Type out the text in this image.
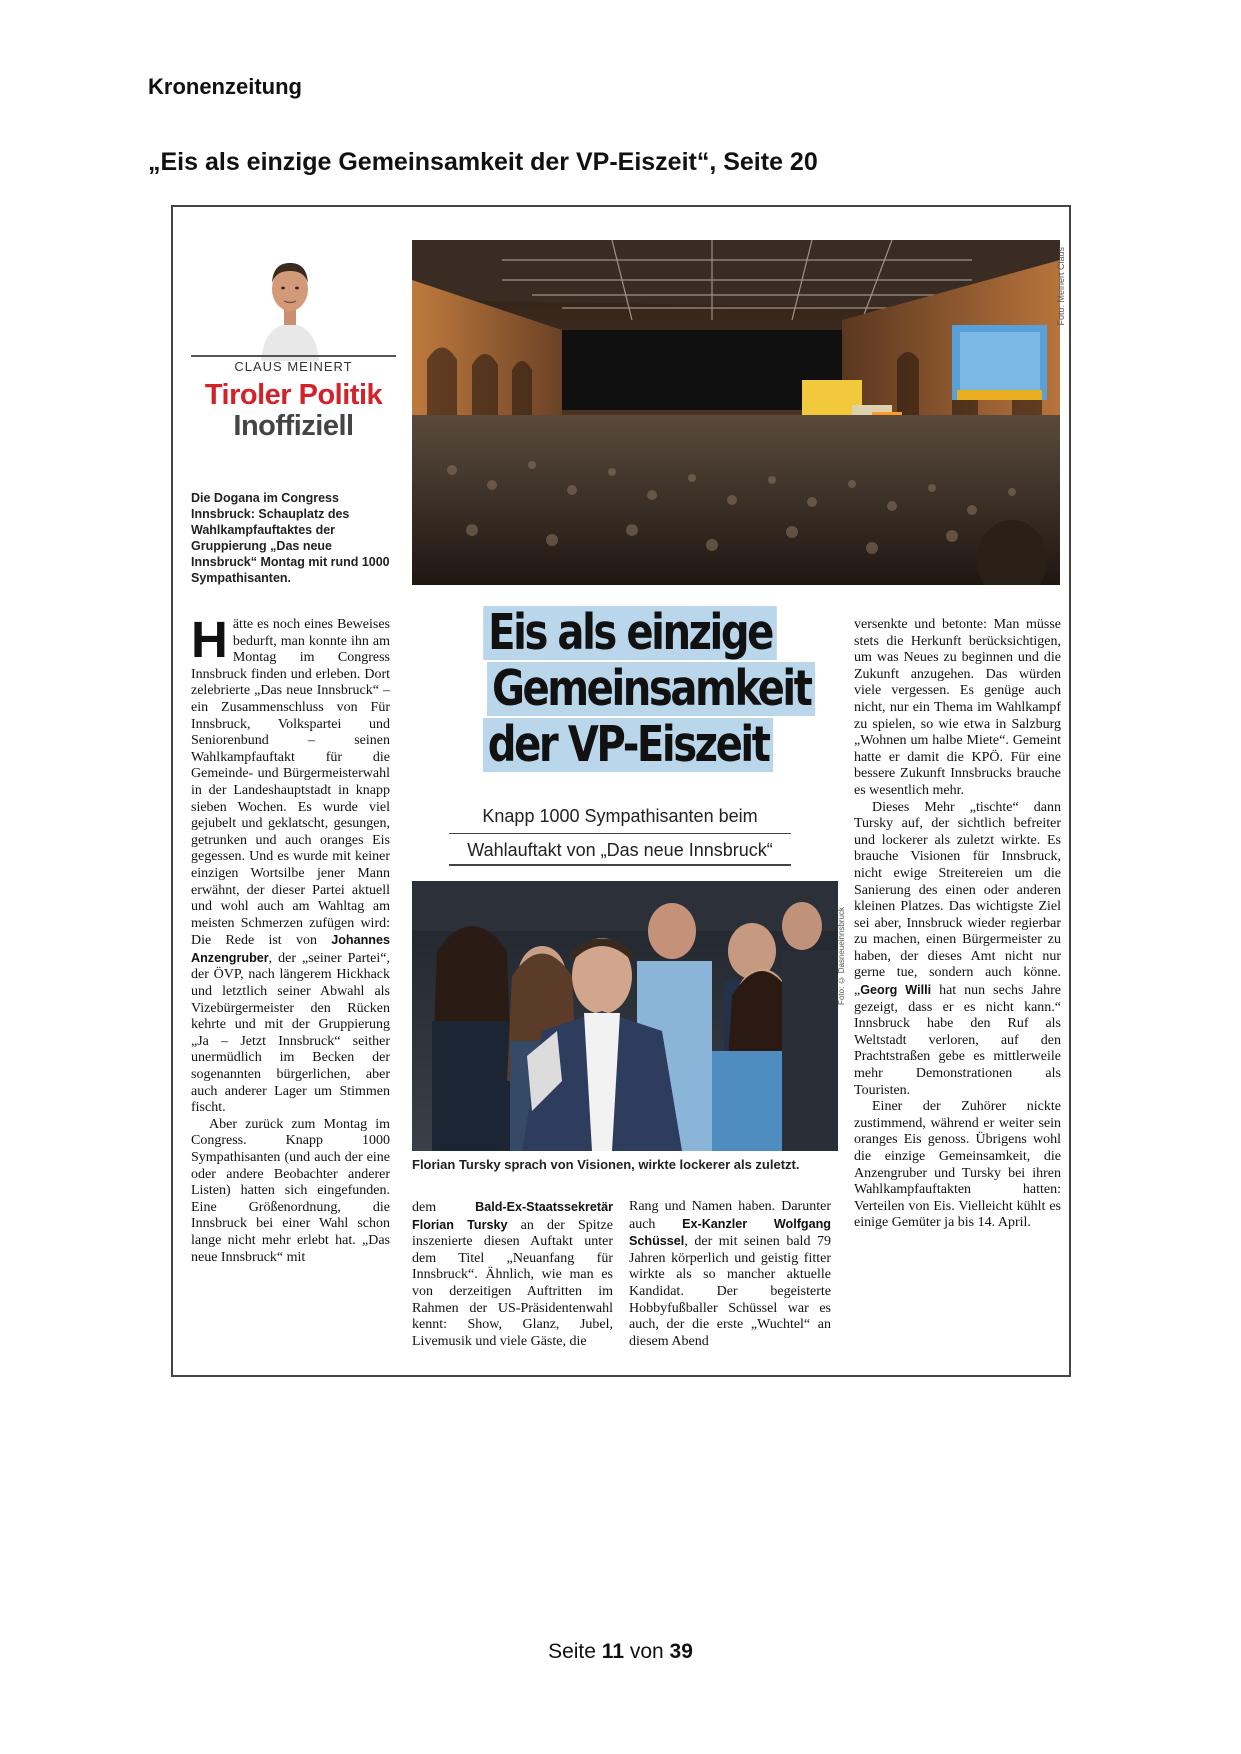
Kronenzeitung
„Eis als einzige Gemeinsamkeit der VP-Eiszeit“, Seite 20
CLAUS MEINERT
Tiroler Politik
Inoffiziell
Die Dogana im Congress Innsbruck: Schauplatz des Wahlkampfauftaktes der Gruppierung „Das neue Innsbruck“ Montag mit rund 1000 Sympathisanten.
Foto: Meinert Claus
Eis als einzige
Gemeinsamkeit
der VP-Eiszeit
Knapp 1000 Sympathisanten beim
Wahlauftakt von „Das neue Innsbruck“
Foto: © Dasneueinnsbruck
Florian Tursky sprach von Visionen, wirkte lockerer als zuletzt.

Hätte es noch eines Beweises bedurft, man konnte ihn am Montag im Congress Innsbruck finden und erleben. Dort zelebrierte „Das neue Innsbruck“ – ein Zusammenschluss von Für Innsbruck, Volkspartei und Seniorenbund – seinen Wahlkampfauftakt für die Gemeinde- und Bürgermeisterwahl in der Landeshauptstadt in knapp sieben Wochen. Es wurde viel gejubelt und geklatscht, gesungen, getrunken und auch oranges Eis gegessen. Und es wurde mit keiner einzigen Wortsilbe jener Mann erwähnt, der dieser Partei aktuell und wohl auch am Wahltag am meisten Schmerzen zufügen wird: Die Rede ist von Johannes Anzengruber, der „seiner Partei“, der ÖVP, nach längerem Hickhack und letztlich seiner Abwahl als Vizebürgermeister den Rücken kehrte und mit der Gruppierung „Ja – Jetzt Innsbruck“ seither unermüdlich im Becken der sogenannten bürgerlichen, aber auch anderer Lager um Stimmen fischt.

Aber zurück zum Montag im Congress. Knapp 1000 Sympathisanten (und auch der eine oder andere Beobachter anderer Listen) hatten sich eingefunden. Eine Größenordnung, die Innsbruck bei einer Wahl schon lange nicht mehr erlebt hat. „Das neue Innsbruck“ mit

dem	Bald-Ex-Staatssekretär Florian Tursky an der Spitze inszenierte diesen Auftakt unter dem Titel „Neuanfang für Innsbruck“. Ähnlich, wie man es von derzeitigen Auftritten im Rahmen der US-Präsidentenwahl kennt: Show, Glanz, Jubel, Livemusik und viele Gäste, die

Rang und Namen haben. Darunter auch Ex-Kanzler Wolfgang Schüssel, der mit seinen bald 79 Jahren körperlich und geistig fitter wirkte als so mancher aktuelle Kandidat. Der begeisterte Hobbyfußballer Schüssel war es auch, der die erste „Wuchtel“ an diesem Abend

versenkte und betonte: Man müsse stets die Herkunft berücksichtigen, um was Neues zu beginnen und die Zukunft anzugehen. Das würden viele vergessen. Es genüge auch nicht, nur ein Thema im Wahlkampf zu spielen, so wie etwa in Salzburg „Wohnen um halbe Miete“. Gemeint hatte er damit die KPÖ. Für eine bessere Zukunft Innsbrucks brauche es wesentlich mehr.

Dieses Mehr „tischte“ dann Tursky auf, der sichtlich befreiter und lockerer als zuletzt wirkte. Es brauche Visionen für Innsbruck, nicht ewige Streitereien um die Sanierung des einen oder anderen kleinen Platzes. Das wichtigste Ziel sei aber, Innsbruck wieder regierbar zu machen, einen Bürgermeister zu haben, der dieses Amt nicht nur gerne tue, sondern auch könne. „Georg Willi hat nun sechs Jahre gezeigt, dass er es nicht kann.“ Innsbruck habe den Ruf als Weltstadt verloren, auf den Prachtstraßen gebe es mittlerweile mehr Demonstrationen als Touristen.

Einer der Zuhörer nickte zustimmend, während er weiter sein oranges Eis genoss. Übrigens wohl die einzige Gemeinsamkeit, die Anzengruber und Tursky bei ihren Wahlkampfauftakten hatten: Verteilen von Eis. Vielleicht kühlt es einige Gemüter ja bis 14. April.

Seite 11 von 39
